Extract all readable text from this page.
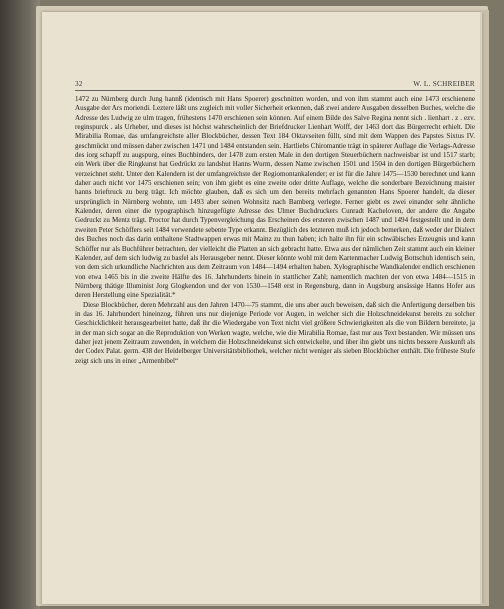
32	W. L. SCHREIBER

1472 zu Nürnberg durch Jung hannß (identisch mit Hans Spoerer) geschnitten worden, und von ihm stammt auch eine 1473 erschienene Ausgabe der Ars moriendi. Leztere läßt uns zugleich mit voller Sicherheit erkennen, daß zwei andere Ausgaben desselben Buches, welche die Adresse des Ludwig ze ulm tragen, frühestens 1470 erschienen sein können. Auf einem Bilde des Salve Regina nennt sich . lienhart . z . ezv. reginspurck . als Urheber, und dieses ist höchst wahrscheinlich der Briefdrucker Lienhart Wolff, der 1463 dort das Bürgerrecht erhielt. Die Mirabilia Romae, das umfangreichste aller Blockbücher, dessen Text 184 Oktavseiten füllt, sind mit dem Wappen des Papstes Sixtus IV. geschmückt und müssen daher zwischen 1471 und 1484 entstanden sein. Hartliebs Chiromantie trägt in späterer Auflage die Verlags-Adresse des iorg schapff zu augspurg, eines Buchbinders, der 1478 zum ersten Male in den dortigen Steuerbüchern nachweisbar ist und 1517 starb; ein Werk über die Ringkunst hat Gedrückt zu landshut Hanns Wurm, dessen Name zwischen 1501 und 1504 in den dortigen Bürgerbüchern verzeichnet steht. Unter den Kalendern ist der umfangreichste der Regiomontankalender; er ist für die Jahre 1475—1530 berechnet und kann daher auch nicht vor 1475 erschienen sein; von ihm giebt es eine zweite oder dritte Auflage, welche die sonderbare Bezeichnung maister hanns brieftruck zu berg trägt. Ich möchte glauben, daß es sich um den bereits mehrfach genannten Hans Spoerer handelt, da dieser ursprünglich in Nürnberg wohnte, um 1493 aber seinen Wohnsitz nach Bamberg verlegte. Ferner giebt es zwei einander sehr ähnliche Kalender, deren einer die typographisch hinzugefügte Adresse des Ulmer Buchdruckers Cunradt Kacheloven, der andere die Angabe Gedruckt zu Mentz trägt. Proctor hat durch Typenvergleichung das Erscheinen des ersteren zwischen 1487 und 1494 festgestellt und in dem zweiten Peter Schöffers seit 1484 verwendete sebente Type erkannt. Bezüglich des letzteren muß ich jedoch bemerken, daß weder der Dialect des Buches noch das darin enthaltene Stadtwappen erwas mit Mainz zu thun haben; ich halte ihn für ein schwäbisches Erzeugnis und kann Schöffer nur als Buchführer betrachten, der vielleicht die Platten an sich gebracht hatte. Etwa aus der nämlichen Zeit stammt auch ein kleiner Kalender, auf dem sich ludwig zu basfel als Herausgeber nennt. Dieser könnte wohl mit dem Kartenmacher Ludwig Bottschuh identisch sein, von dem sich urkundliche Nachrichten aus dem Zeitraum von 1484—1494 erhalten haben. Xylographische Wandkalender endlich erschienen von etwa 1465 bis in die zweite Hälfte des 16. Jahrhunderts hinein in stattlicher Zahl; namentlich machten der von etwa 1484—1515 in Nürnberg thätige Illuminist Jorg Glogkendon und der von 1530—1548 erst in Regensburg, dann in Augsburg ansässige Hanns Hofer aus deren Herstellung eine Spezialität.*

Diese Blockbücher, deren Mehrzahl aus den Jahren 1470—75 stammt, die uns aber auch beweisen, daß sich die Anfertigung derselben bis in das 16. Jahrhundert hineinzog, führen uns nur diejenige Periode vor Augen, in welcher sich die Holzschneidekunst bereits zu solcher Geschicklichkeit herausgearbeitet hatte, daß ihr die Wiedergabe von Text nicht viel größere Schwierigkeiten als die von Bildern bereitete, ja in der man sich sogar an die Reproduktion von Werken wagte, welche, wie die Mirabilia Romae, fast nur aus Text bestanden. Wir müssen uns daher jezt jenem Zeitraum zuwenden, in welchem die Holzschneidekunst sich entwickelte, und über ihn giebt uns nichts bessere Auskunft als der Codex Palat. germ. 438 der Heidelberger Universitätsbibliothek, welcher nicht weniger als sieben Blockbücher enthält. Die früheste Stufe zeigt sich uns in einer „Armenbibel“
